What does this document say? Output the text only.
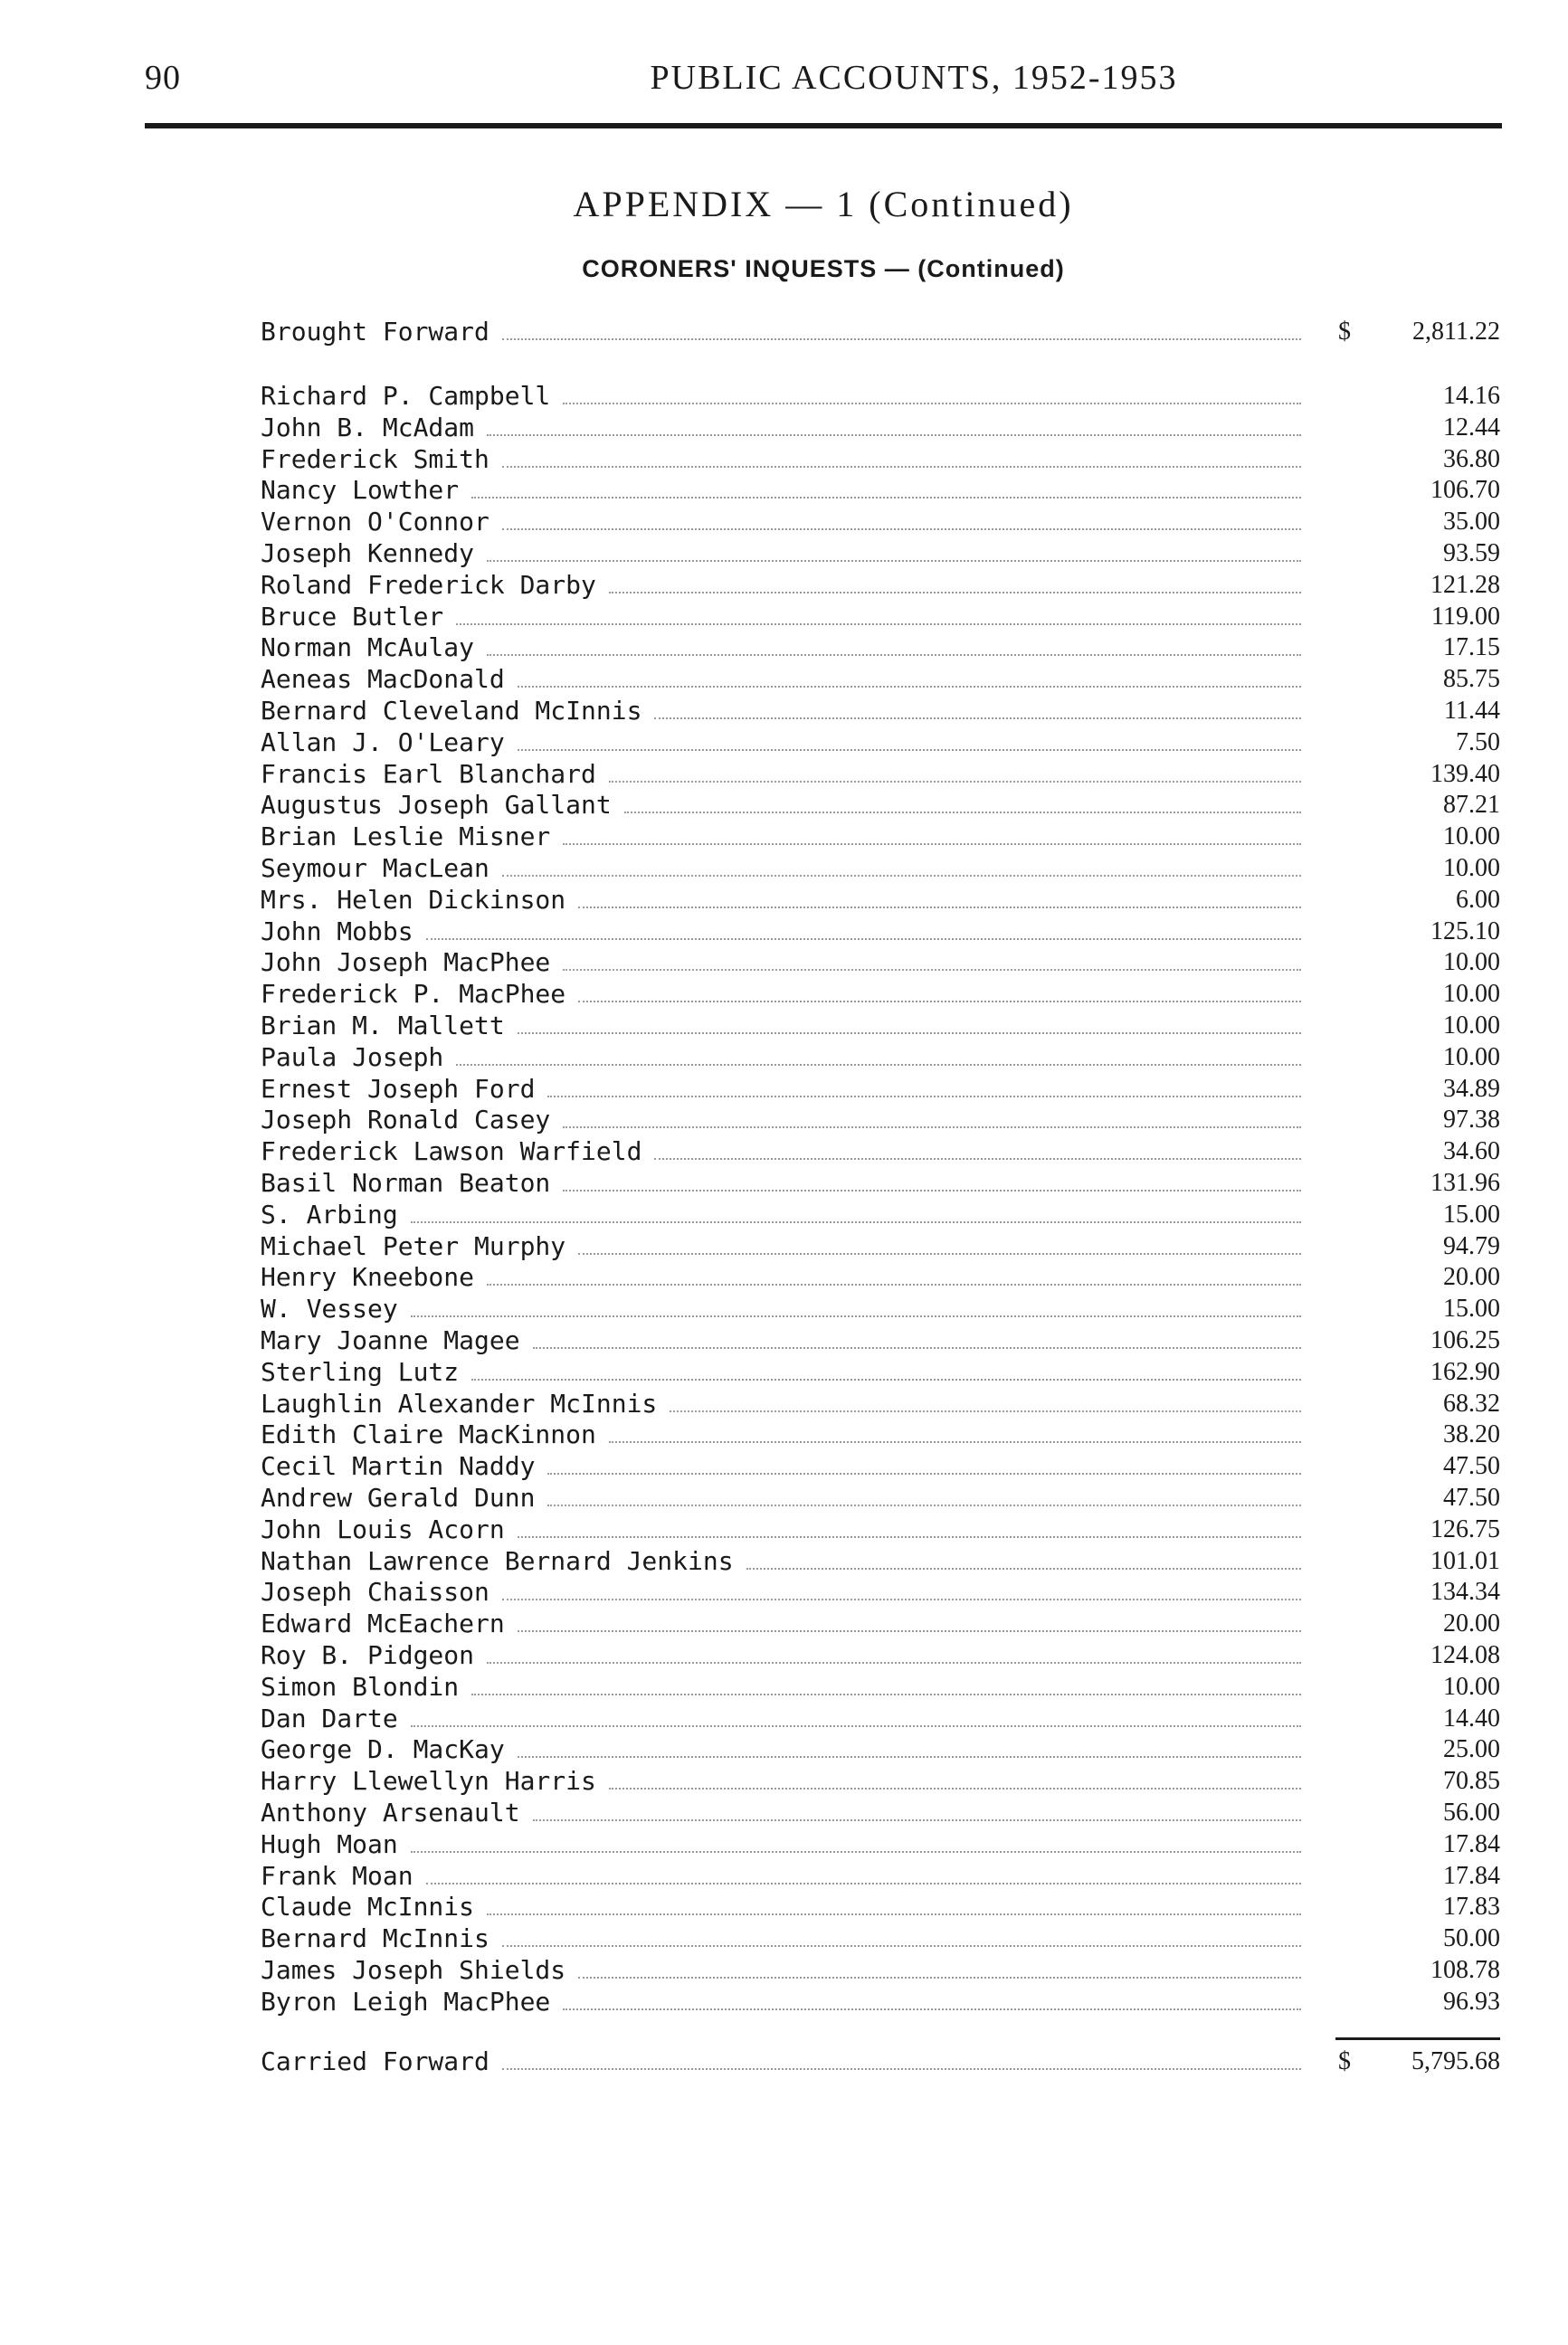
90	PUBLIC ACCOUNTS, 1952-1953
APPENDIX — 1 (Continued)
CORONERS' INQUESTS — (Continued)
Brought Forward	$	2,811.22
Richard P. Campbell	14.16
John B. McAdam	12.44
Frederick Smith	36.80
Nancy Lowther	106.70
Vernon O'Connor	35.00
Joseph Kennedy	93.59
Roland Frederick Darby	121.28
Bruce Butler	119.00
Norman McAulay	17.15
Aeneas MacDonald	85.75
Bernard Cleveland McInnis	11.44
Allan J. O'Leary	7.50
Francis Earl Blanchard	139.40
Augustus Joseph Gallant	87.21
Brian Leslie Misner	10.00
Seymour MacLean	10.00
Mrs. Helen Dickinson	6.00
John Mobbs	125.10
John Joseph MacPhee	10.00
Frederick P. MacPhee	10.00
Brian M. Mallett	10.00
Paula Joseph	10.00
Ernest Joseph Ford	34.89
Joseph Ronald Casey	97.38
Frederick Lawson Warfield	34.60
Basil Norman Beaton	131.96
S. Arbing	15.00
Michael Peter Murphy	94.79
Henry Kneebone	20.00
W. Vessey	15.00
Mary Joanne Magee	106.25
Sterling Lutz	162.90
Laughlin Alexander McInnis	68.32
Edith Claire MacKinnon	38.20
Cecil Martin Naddy	47.50
Andrew Gerald Dunn	47.50
John Louis Acorn	126.75
Nathan Lawrence Bernard Jenkins	101.01
Joseph Chaisson	134.34
Edward McEachern	20.00
Roy B. Pidgeon	124.08
Simon Blondin	10.00
Dan Darte	14.40
George D. MacKay	25.00
Harry Llewellyn Harris	70.85
Anthony Arsenault	56.00
Hugh Moan	17.84
Frank Moan	17.84
Claude McInnis	17.83
Bernard McInnis	50.00
James Joseph Shields	108.78
Byron Leigh MacPhee	96.93
Carried Forward	$	5,795.68
